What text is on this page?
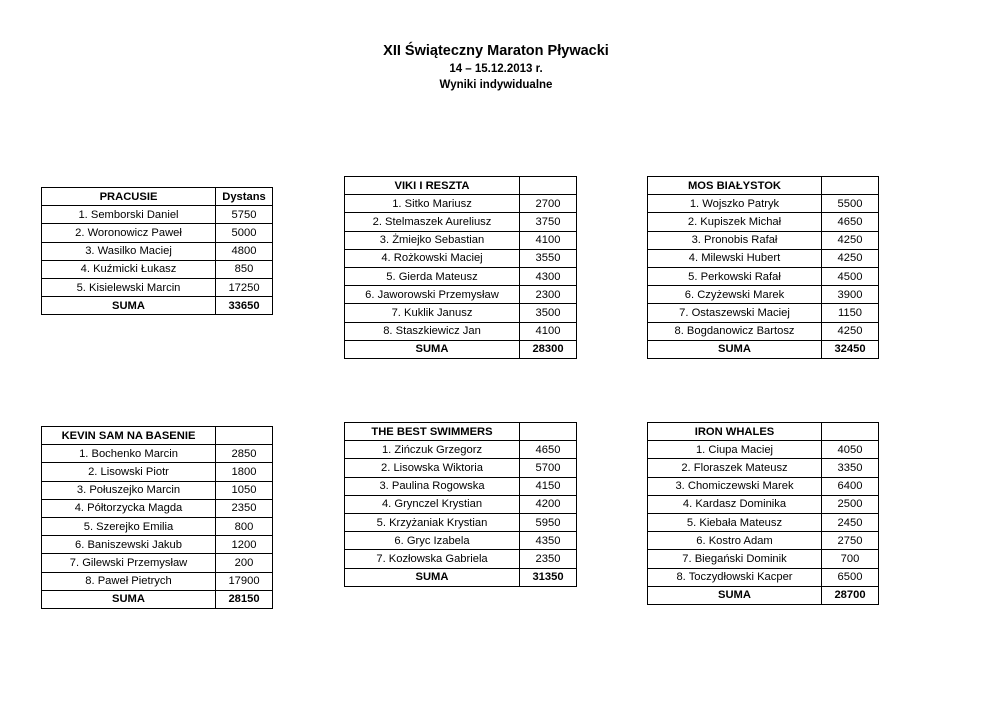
XII Świąteczny Maraton Pływacki
14 – 15.12.2013 r.
Wyniki indywidualne
PRACUSIE	Dystans
1. Semborski Daniel	5750
2. Woronowicz Paweł	5000
3. Wasilko Maciej	4800
4. Kuźmicki Łukasz	850
5. Kisielewski Marcin	17250
SUMA	33650
VIKI I RESZTA	
1. Sitko Mariusz	2700
2. Stelmaszek Aureliusz	3750
3. Żmiejko Sebastian	4100
4. Rożkowski Maciej	3550
5. Gierda Mateusz	4300
6. Jaworowski Przemysław	2300
7. Kuklik Janusz	3500
8. Staszkiewicz Jan	4100
SUMA	28300
MOS BIAŁYSTOK	
1. Wojszko Patryk	5500
2. Kupiszek Michał	4650
3. Pronobis Rafał	4250
4. Milewski Hubert	4250
5. Perkowski Rafał	4500
6. Czyżewski Marek	3900
7. Ostaszewski Maciej	1150
8. Bogdanowicz Bartosz	4250
SUMA	32450
KEVIN SAM NA BASENIE	
1. Bochenko Marcin	2850
2. Lisowski Piotr	1800
3. Połuszejko Marcin	1050
4. Półtorzycka Magda	2350
5. Szerejko Emilia	800
6. Baniszewski Jakub	1200
7. Gilewski Przemysław	200
8. Paweł Pietrych	17900
SUMA	28150
THE BEST SWIMMERS	
1. Zińczuk Grzegorz	4650
2. Lisowska Wiktoria	5700
3. Paulina Rogowska	4150
4. Grynczel Krystian	4200
5. Krzyżaniak Krystian	5950
6. Gryc Izabela	4350
7. Kozłowska Gabriela	2350
SUMA	31350
IRON WHALES	
1. Ciupa Maciej	4050
2. Floraszek Mateusz	3350
3. Chomiczewski Marek	6400
4. Kardasz Dominika	2500
5. Kiebała Mateusz	2450
6. Kostro Adam	2750
7. Biegański Dominik	700
8. Toczydłowski Kacper	6500
SUMA	28700
